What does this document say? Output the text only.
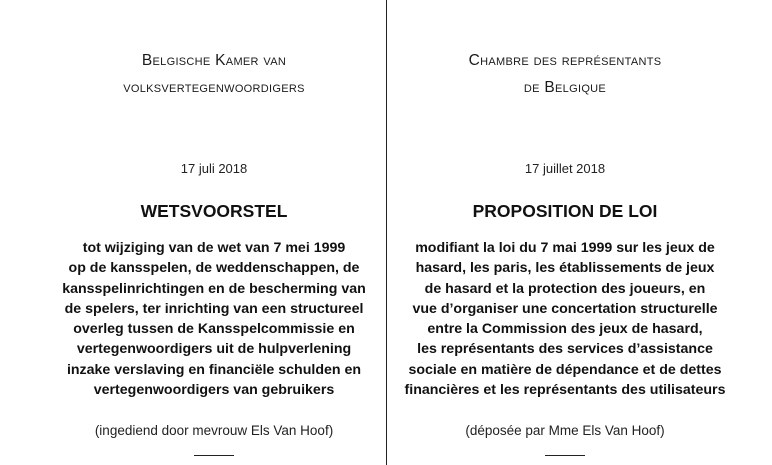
Belgische Kamer van
volksvertegenwoordigers
17 juli 2018
WETSVOORSTEL
tot wijziging van de wet van 7 mei 1999
op de kansspelen, de weddenschappen, de
kansspelinrichtingen en de bescherming van
de spelers, ter inrichting van een structureel
overleg tussen de Kansspelcommissie en
vertegenwoordigers uit de hulpverlening
inzake verslaving en financiële schulden en
vertegenwoordigers van gebruikers
(ingediend door mevrouw Els Van Hoof)
Chambre des représentants
de Belgique
17 juillet 2018
PROPOSITION DE LOI
modifiant la loi du 7 mai 1999 sur les jeux de
hasard, les paris, les établissements de jeux
de hasard et la protection des joueurs, en
vue d’organiser une concertation structurelle
entre la Commission des jeux de hasard,
les représentants des services d’assistance
sociale en matière de dépendance et de dettes
financières et les représentants des utilisateurs
(déposée par Mme Els Van Hoof)
